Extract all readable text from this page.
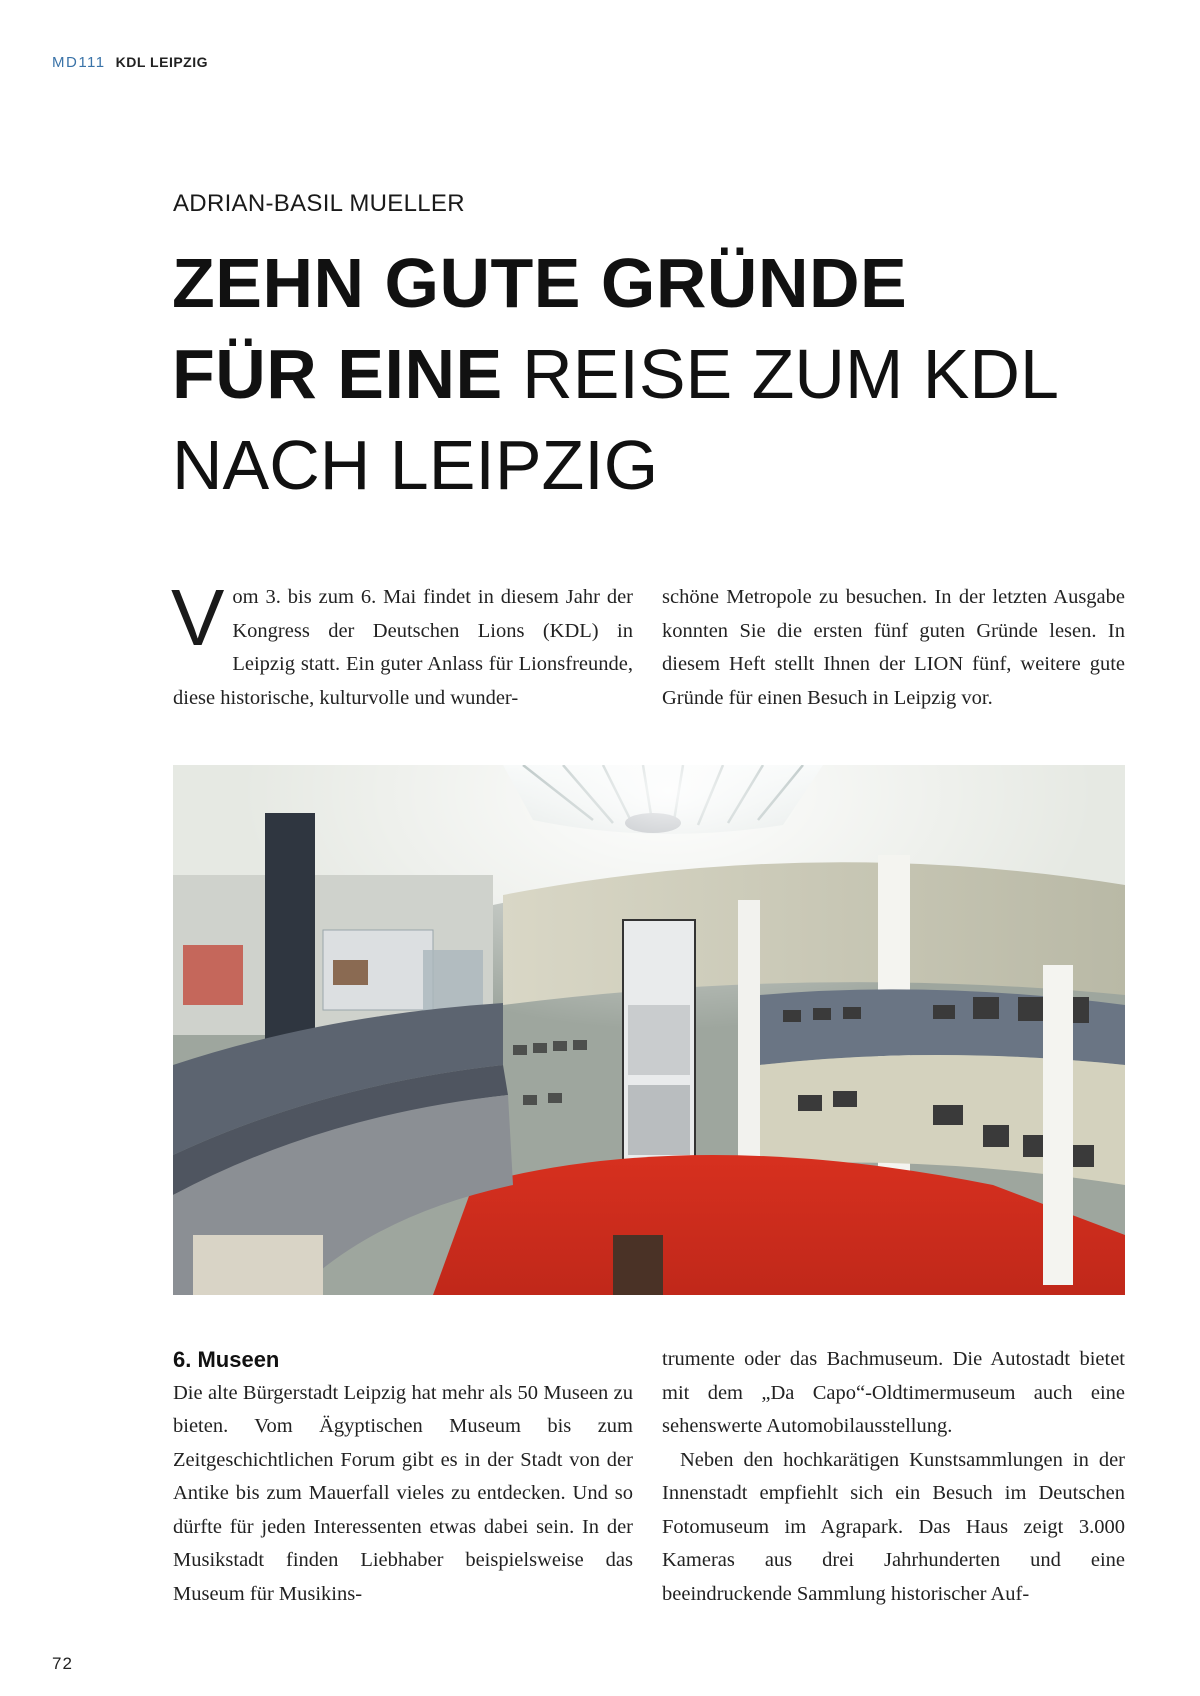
MD111 KDL LEIPZIG
ADRIAN-BASIL MUELLER
ZEHN GUTE GRÜNDE
FÜR EINE REISE ZUM KDL
NACH LEIPZIG
Vom 3. bis zum 6. Mai findet in diesem Jahr der Kongress der Deutschen Lions (KDL) in Leipzig statt. Ein guter Anlass für Lionsfreunde, diese historische, kulturvolle und wunder-
schöne Metropole zu besuchen. In der letzten Ausgabe konnten Sie die ersten fünf guten Gründe lesen. In diesem Heft stellt Ihnen der LION fünf, weitere gute Gründe für einen Besuch in Leipzig vor.
6. Museen
Die alte Bürgerstadt Leipzig hat mehr als 50 Museen zu bieten. Vom Ägyptischen Museum bis zum Zeitgeschichtlichen Forum gibt es in der Stadt von der Antike bis zum Mauerfall vieles zu entdecken. Und so dürfte für jeden Interessenten etwas dabei sein. In der Musikstadt finden Liebhaber beispielsweise das Museum für Musikins-
trumente oder das Bachmuseum. Die Autostadt bietet mit dem „Da Capo“-Oldtimermuseum auch eine sehenswerte Automobilausstellung.
Neben den hochkarätigen Kunstsammlungen in der Innenstadt empfiehlt sich ein Besuch im Deutschen Fotomuseum im Agrapark. Das Haus zeigt 3.000 Kameras aus drei Jahrhunderten und eine beeindruckende Sammlung historischer Auf-
72
